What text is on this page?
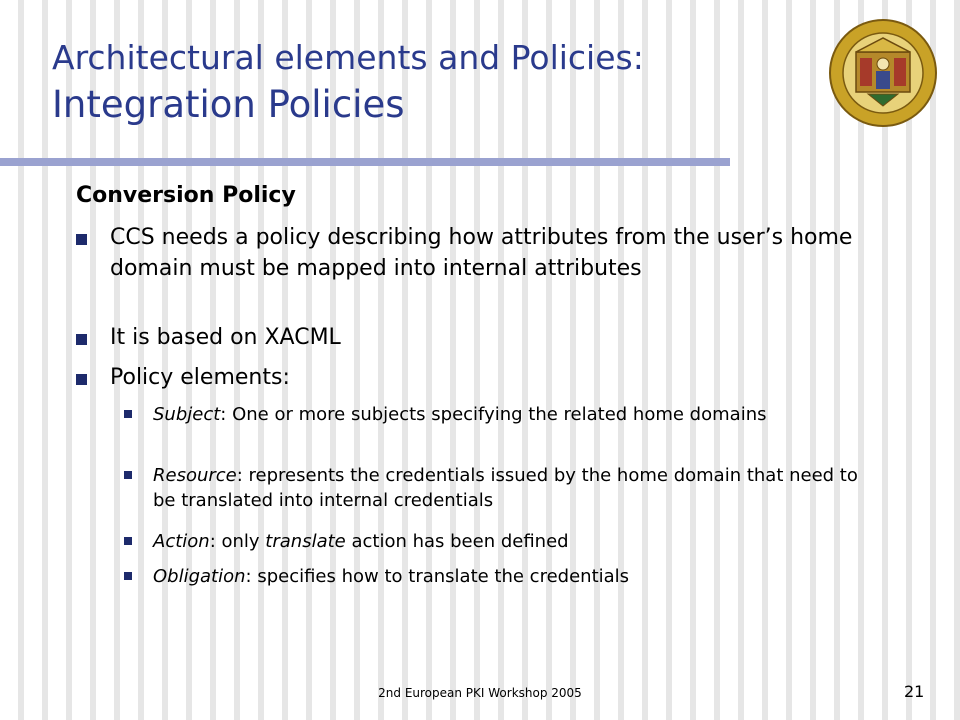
Architectural elements and Policies:
Integration Policies
Conversion Policy
CCS needs a policy describing how attributes from the user’s home domain must be mapped into internal attributes
It is based on XACML
Policy elements:
Subject: One or more subjects specifying the related home domains
Resource: represents the credentials issued by the home domain that need to be translated into internal credentials
Action: only translate action has been defined
Obligation: specifies how to translate the credentials
2nd European PKI Workshop 2005	21
